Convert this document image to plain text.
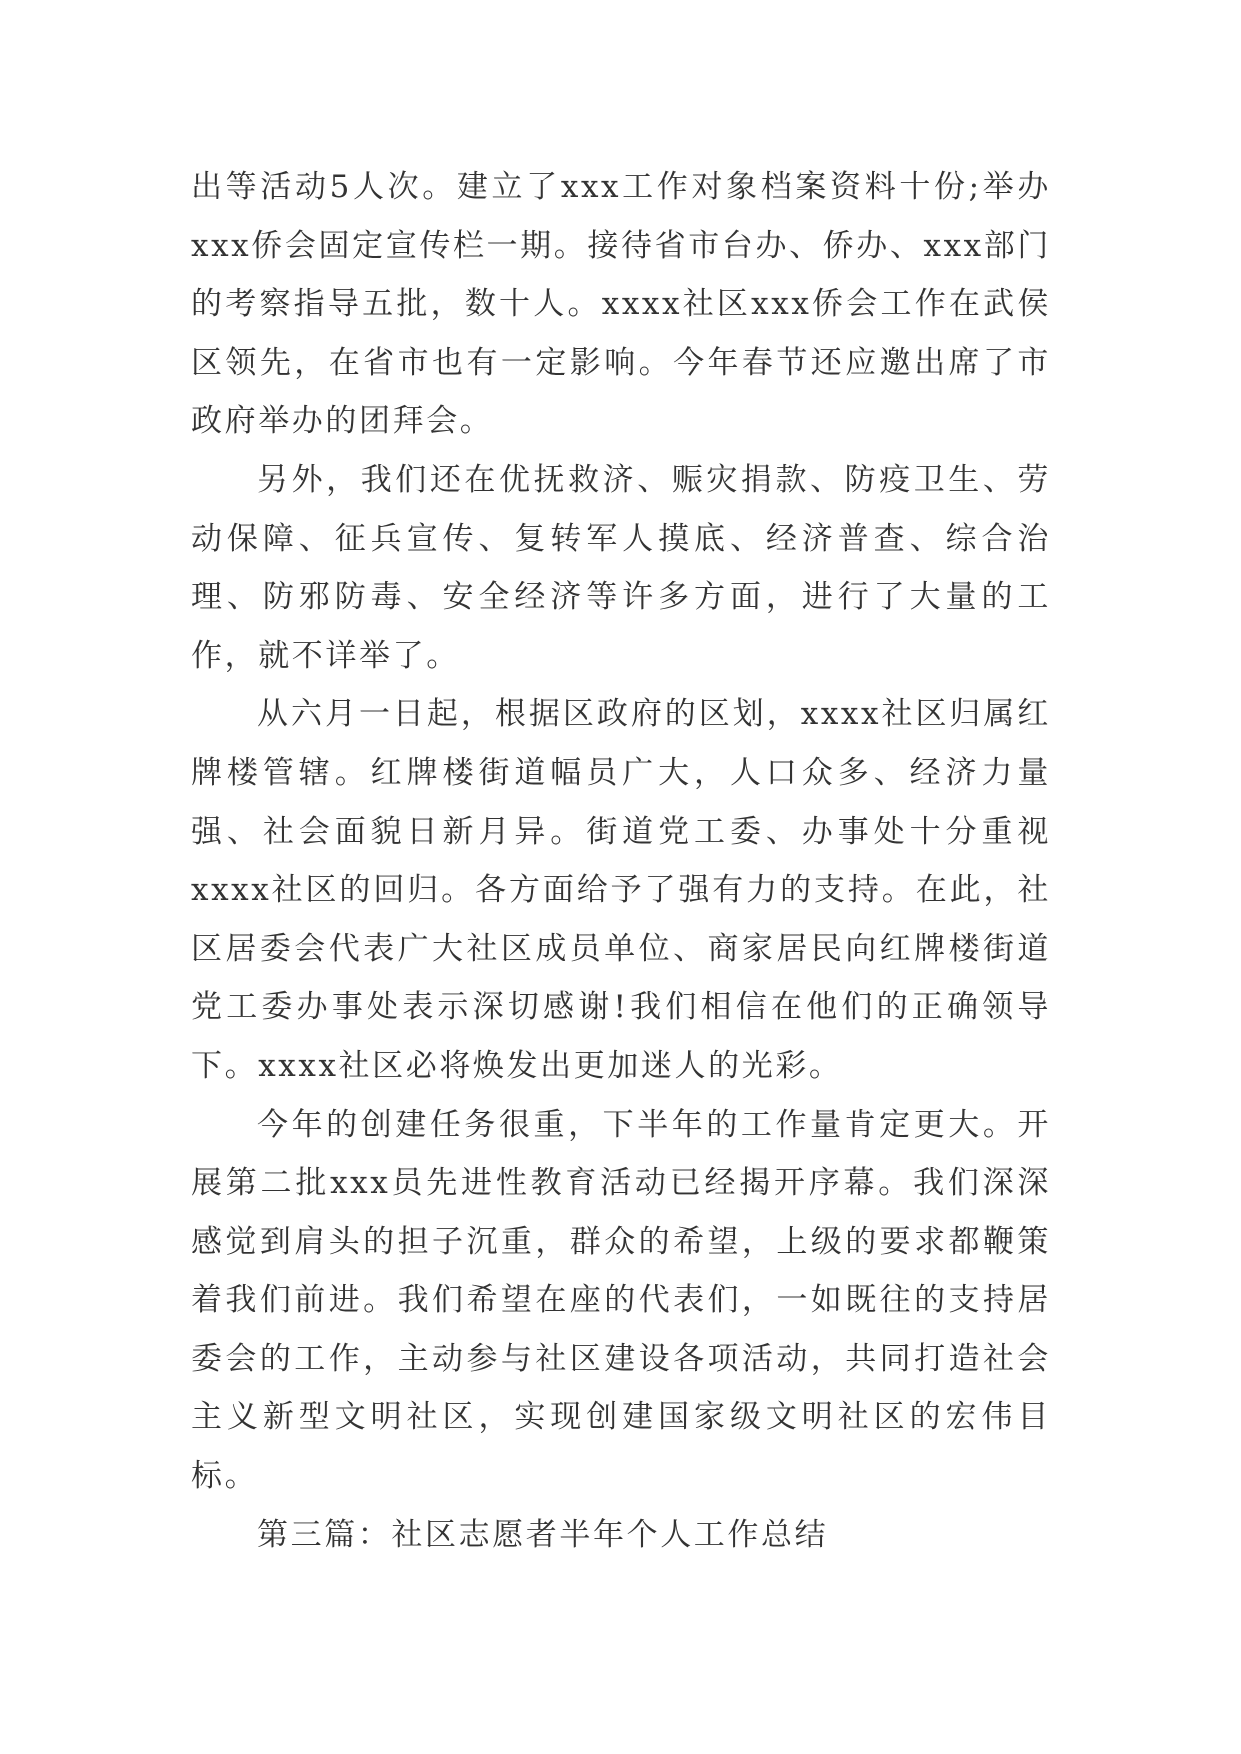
出等活动5人次。建立了xxx工作对象档案资料十份;举办xxx侨会固定宣传栏一期。接待省市台办、侨办、xxx部门的考察指导五批，数十人。xxxx社区xxx侨会工作在武侯区领先，在省市也有一定影响。今年春节还应邀出席了市政府举办的团拜会。

另外，我们还在优抚救济、赈灾捐款、防疫卫生、劳动保障、征兵宣传、复转军人摸底、经济普查、综合治理、防邪防毒、安全经济等许多方面，进行了大量的工作，就不详举了。

从六月一日起，根据区政府的区划，xxxx社区归属红牌楼管辖。红牌楼街道幅员广大，人口众多、经济力量强、社会面貌日新月异。街道党工委、办事处十分重视xxxx社区的回归。各方面给予了强有力的支持。在此，社区居委会代表广大社区成员单位、商家居民向红牌楼街道党工委办事处表示深切感谢!我们相信在他们的正确领导下。xxxx社区必将焕发出更加迷人的光彩。

今年的创建任务很重，下半年的工作量肯定更大。开展第二批xxx员先进性教育活动已经揭开序幕。我们深深感觉到肩头的担子沉重，群众的希望，上级的要求都鞭策着我们前进。我们希望在座的代表们，一如既往的支持居委会的工作，主动参与社区建设各项活动，共同打造社会主义新型文明社区，实现创建国家级文明社区的宏伟目标。

第三篇：社区志愿者半年个人工作总结
